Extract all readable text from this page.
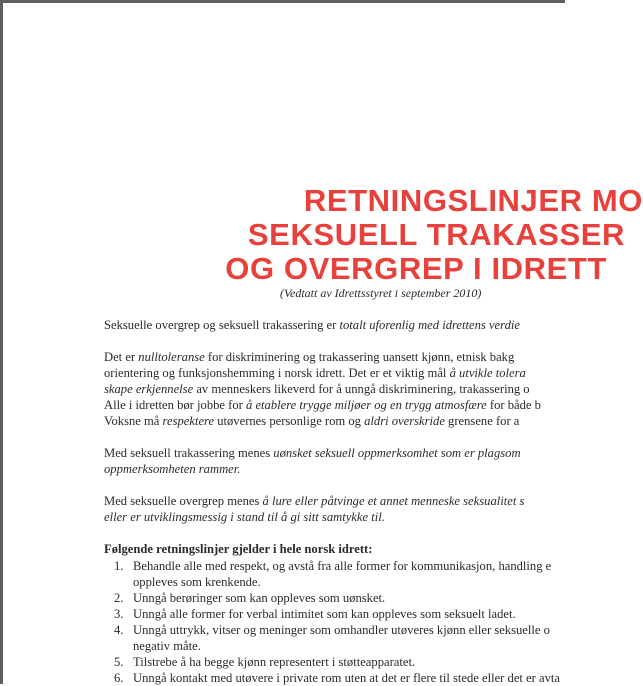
RETNINGSLINJER MO
SEKSUELL TRAKASSER
OG OVERGREP I IDRETT
(Vedtatt av Idrettsstyret i september 2010)
Seksuelle overgrep og seksuell trakassering er totalt uforenlig med idrettens verdie
Det er nulltoleranse for diskriminering og trakassering uansett kjønn, etnisk bakg
orientering og funksjonshemming i norsk idrett. Det er et viktig mål å utvikle tolera
skape erkjennelse av menneskers likeverd for å unngå diskriminering, trakassering o
Alle i idretten bør jobbe for å etablere trygge miljøer og en trygg atmosfære for både b
Voksne må respektere utøvernes personlige rom og aldri overskride grensene for a
Med seksuell trakassering menes uønsket seksuell oppmerksomhet som er plagsom
oppmerksomheten rammer.
Med seksuelle overgrep menes å lure eller påtvinge et annet menneske seksualitet s
eller er utviklingsmessig i stand til å gi sitt samtykke til.
Følgende retningslinjer gjelder i hele norsk idrett:
1. Behandle alle med respekt, og avstå fra alle former for kommunikasjon, handling e
oppleves som krenkende.
2. Unngå berøringer som kan oppleves som uønsket.
3. Unngå alle former for verbal intimitet som kan oppleves som seksuelt ladet.
4. Unngå uttrykk, vitser og meninger som omhandler utøveres kjønn eller seksuelle o
negativ måte.
5. Tilstrebe å ha begge kjønn representert i støtteapparatet.
6. Unngå kontakt med utøvere i private rom uten at det er flere til stede eller det er avta
